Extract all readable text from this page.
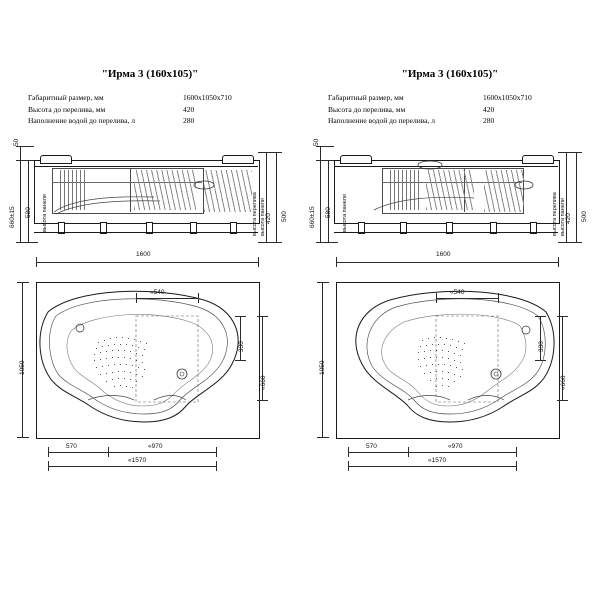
"Ирма 3 (160х105)"
Габаритный размер, мм	1600х1050х710
Высота до перелива, мм	420
Наполнение водой до перелива, л	280
50
660±15 580 высота панели	420 500
высота перелива высота панели
1600
1050
«540
330
«660
570	«970
«1570
"Ирма 3 (160х105)"
Габаритный размер, мм	1600х1050х710
Высота до перелива, мм	420
Наполнение водой до перелива, л	280
50
660±15 580 высота панели	420 500
высота перелива высота панели
1600
1050
«540
330
«660
570	«970
«1570
